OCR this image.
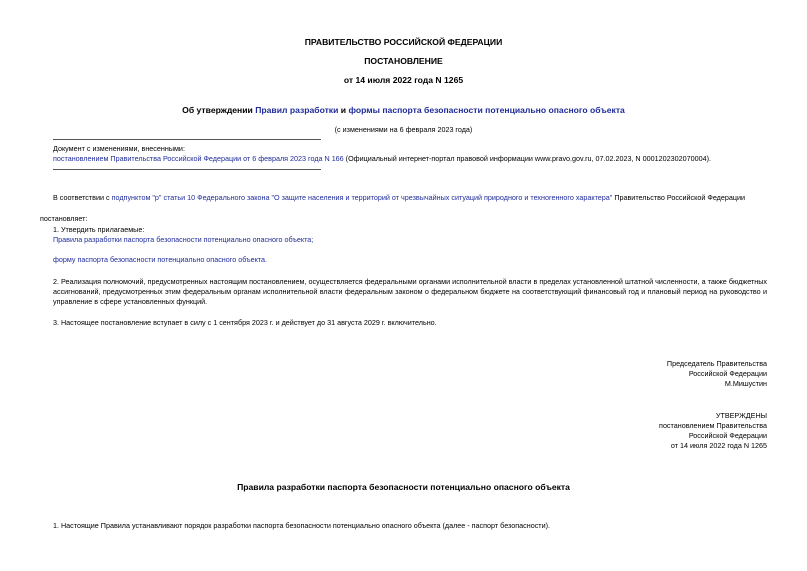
ПРАВИТЕЛЬСТВО РОССИЙСКОЙ ФЕДЕРАЦИИ
ПОСТАНОВЛЕНИЕ
от 14 июля 2022 года N 1265
Об утверждении Правил разработки и формы паспорта безопасности потенциально опасного объекта
(с изменениями на 6 февраля 2023 года)
Документ с изменениями, внесенными:
постановлением Правительства Российской Федерации от 6 февраля 2023 года N 166 (Официальный интернет-портал правовой информации www.pravo.gov.ru, 07.02.2023, N 0001202302070004).
В соответствии с подпунктом "р" статьи 10 Федерального закона "О защите населения и территорий от чрезвычайных ситуаций природного и техногенного характера" Правительство Российской Федерации
постановляет:
1. Утвердить прилагаемые:
Правила разработки паспорта безопасности потенциально опасного объекта;
форму паспорта безопасности потенциально опасного объекта.
2. Реализация полномочий, предусмотренных настоящим постановлением, осуществляется федеральными органами исполнительной власти в пределах установленной штатной численности, а также бюджетных ассигнований, предусмотренных этим федеральным органам исполнительной власти федеральным законом о федеральном бюджете на соответствующий финансовый год и плановый период на руководство и управление в сфере установленных функций.
3. Настоящее постановление вступает в силу с 1 сентября 2023 г. и действует до 31 августа 2029 г. включительно.
Председатель Правительства
Российской Федерации
М.Мишустин
УТВЕРЖДЕНЫ
постановлением Правительства
Российской Федерации
от 14 июля 2022 года N 1265
Правила разработки паспорта безопасности потенциально опасного объекта
1. Настоящие Правила устанавливают порядок разработки паспорта безопасности потенциально опасного объекта (далее - паспорт безопасности).
